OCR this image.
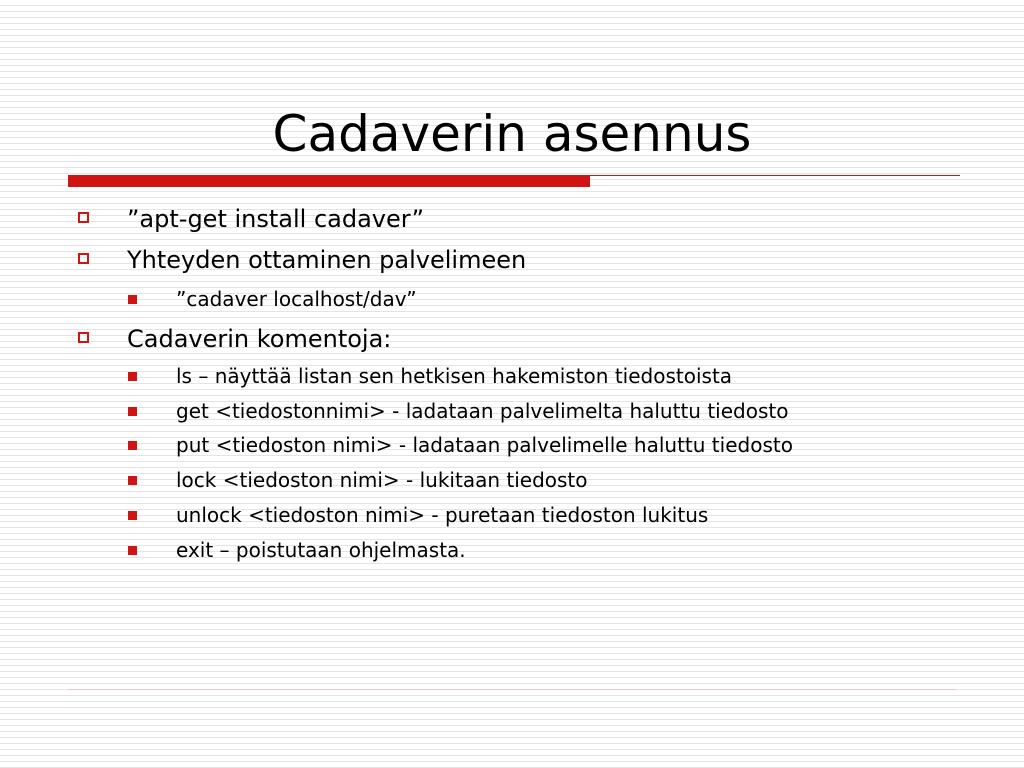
Cadaverin asennus
”apt-get install cadaver”
Yhteyden ottaminen palvelimeen
”cadaver localhost/dav”
Cadaverin komentoja:
ls – näyttää listan sen hetkisen hakemiston tiedostoista
get <tiedostonnimi> - ladataan palvelimelta haluttu tiedosto
put <tiedoston nimi> - ladataan palvelimelle haluttu tiedosto
lock <tiedoston nimi> - lukitaan tiedosto
unlock <tiedoston nimi> - puretaan tiedoston lukitus
exit – poistutaan ohjelmasta.
